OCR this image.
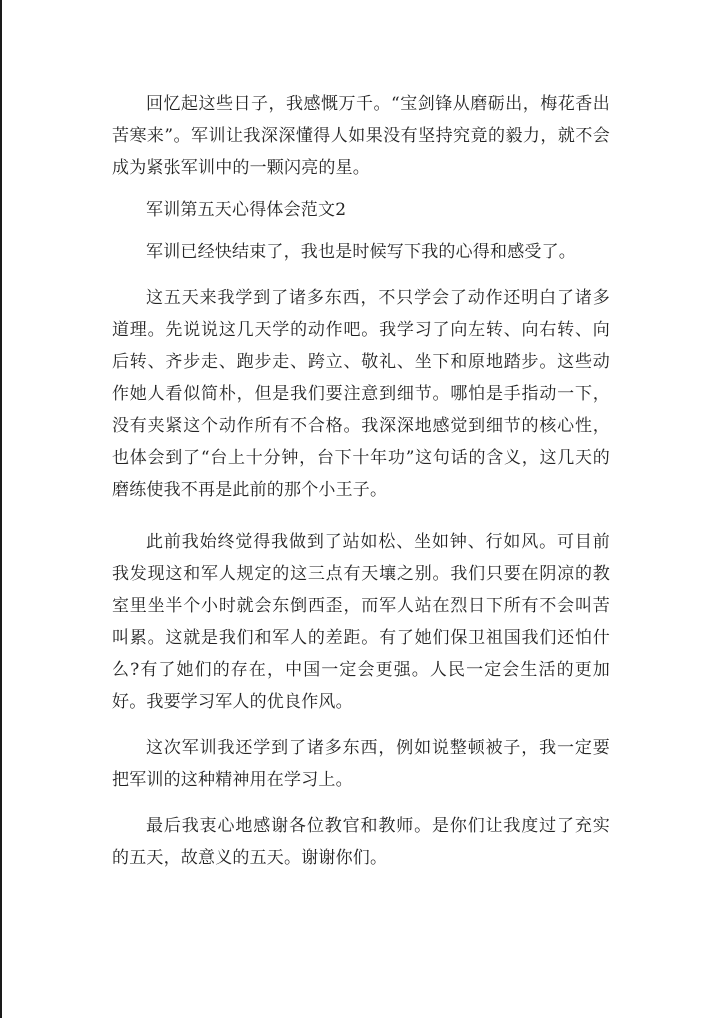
回忆起这些日子，我感慨万千。“宝剑锋从磨砺出，梅花香出苦寒来”。军训让我深深懂得人如果没有坚持究竟的毅力，就不会成为紧张军训中的一颗闪亮的星。

军训第五天心得体会范文2

军训已经快结束了，我也是时候写下我的心得和感受了。

这五天来我学到了诸多东西，不只学会了动作还明白了诸多道理。先说说这几天学的动作吧。我学习了向左转、向右转、向后转、齐步走、跑步走、跨立、敬礼、坐下和原地踏步。这些动作她人看似简朴，但是我们要注意到细节。哪怕是手指动一下，没有夹紧这个动作所有不合格。我深深地感觉到细节的核心性，也体会到了“台上十分钟，台下十年功”这句话的含义，这几天的磨练使我不再是此前的那个小王子。

此前我始终觉得我做到了站如松、坐如钟、行如风。可目前我发现这和军人规定的这三点有天壤之别。我们只要在阴凉的教室里坐半个小时就会东倒西歪，而军人站在烈日下所有不会叫苦叫累。这就是我们和军人的差距。有了她们保卫祖国我们还怕什么?有了她们的存在，中国一定会更强。人民一定会生活的更加好。我要学习军人的优良作风。

这次军训我还学到了诸多东西，例如说整顿被子，我一定要把军训的这种精神用在学习上。

最后我衷心地感谢各位教官和教师。是你们让我度过了充实的五天，故意义的五天。谢谢你们。
